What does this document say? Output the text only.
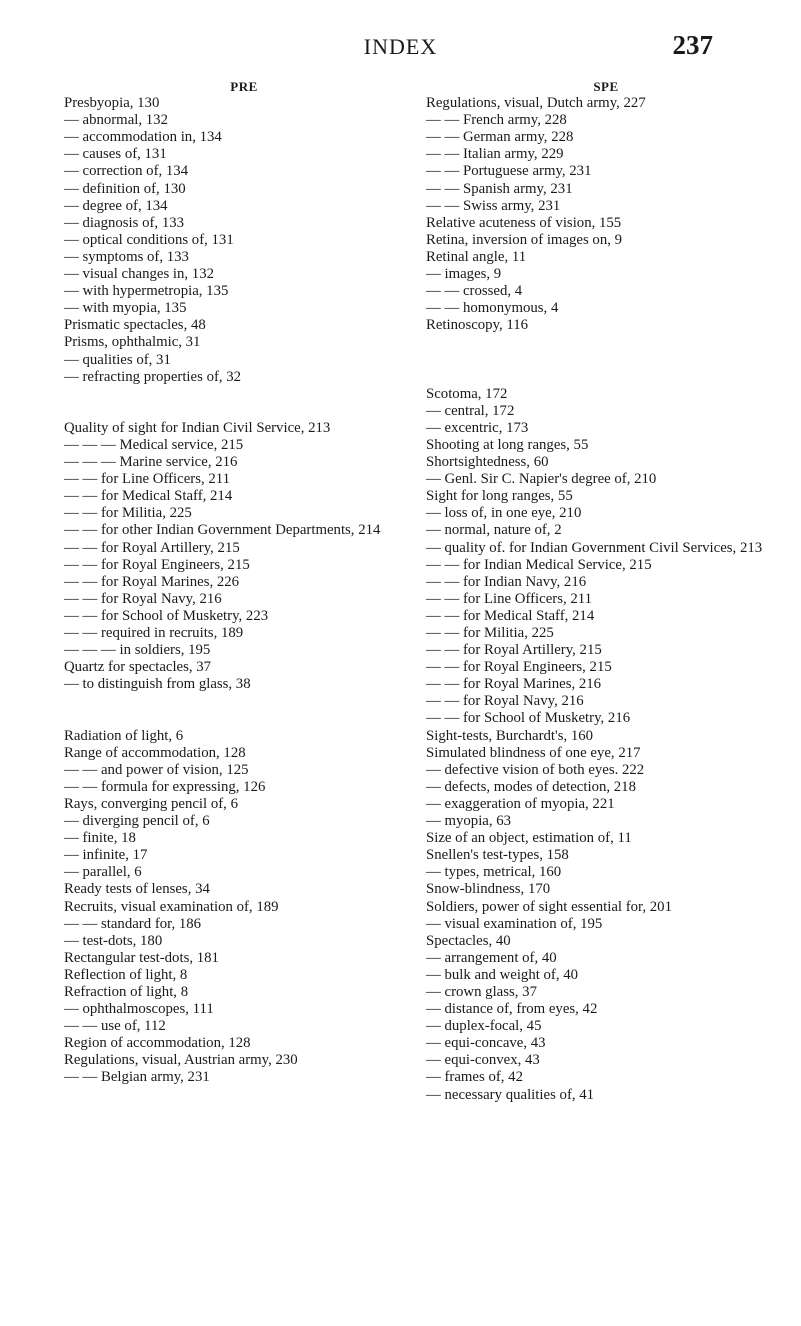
INDEX	237
PRE
Presbyopia, 130
— abnormal, 132
— accommodation in, 134
— causes of, 131
— correction of, 134
— definition of, 130
— degree of, 134
— diagnosis of, 133
— optical conditions of, 131
— symptoms of, 133
— visual changes in, 132
— with hypermetropia, 135
— with myopia, 135
Prismatic spectacles, 48
Prisms, ophthalmic, 31
— qualities of, 31
— refracting properties of, 32
Quality of sight for Indian Civil Service, 213
— — — Medical service, 215
— — — Marine service, 216
— — for Line Officers, 211
— — for Medical Staff, 214
— — for Militia, 225
— — for other Indian Government Departments, 214
— — for Royal Artillery, 215
— — for Royal Engineers, 215
— — for Royal Marines, 226
— — for Royal Navy, 216
— — for School of Musketry, 223
— — required in recruits, 189
— — — in soldiers, 195
Quartz for spectacles, 37
— to distinguish from glass, 38
Radiation of light, 6
Range of accommodation, 128
— — and power of vision, 125
— — formula for expressing, 126
Rays, converging pencil of, 6
— diverging pencil of, 6
— finite, 18
— infinite, 17
— parallel, 6
Ready tests of lenses, 34
Recruits, visual examination of, 189
— — standard for, 186
— test-dots, 180
Rectangular test-dots, 181
Reflection of light, 8
Refraction of light, 8
— ophthalmoscopes, 111
— — use of, 112
Region of accommodation, 128
Regulations, visual, Austrian army, 230
— — Belgian army, 231
SPE
Regulations, visual, Dutch army, 227
— — French army, 228
— — German army, 228
— — Italian army, 229
— — Portuguese army, 231
— — Spanish army, 231
— — Swiss army, 231
Relative acuteness of vision, 155
Retina, inversion of images on, 9
Retinal angle, 11
— images, 9
— — crossed, 4
— — homonymous, 4
Retinoscopy, 116
Scotoma, 172
— central, 172
— excentric, 173
Shooting at long ranges, 55
Shortsightedness, 60
— Genl. Sir C. Napier's degree of, 210
Sight for long ranges, 55
— loss of, in one eye, 210
— normal, nature of, 2
— quality of. for Indian Government Civil Services, 213
— — for Indian Medical Service, 215
— — for Indian Navy, 216
— — for Line Officers, 211
— — for Medical Staff, 214
— — for Militia, 225
— — for Royal Artillery, 215
— — for Royal Engineers, 215
— — for Royal Marines, 216
— — for Royal Navy, 216
— — for School of Musketry, 216
Sight-tests, Burchardt's, 160
Simulated blindness of one eye, 217
— defective vision of both eyes. 222
— defects, modes of detection, 218
— exaggeration of myopia, 221
— myopia, 63
Size of an object, estimation of, 11
Snellen's test-types, 158
— types, metrical, 160
Snow-blindness, 170
Soldiers, power of sight essential for, 201
— visual examination of, 195
Spectacles, 40
— arrangement of, 40
— bulk and weight of, 40
— crown glass, 37
— distance of, from eyes, 42
— duplex-focal, 45
— equi-concave, 43
— equi-convex, 43
— frames of, 42
— necessary qualities of, 41
